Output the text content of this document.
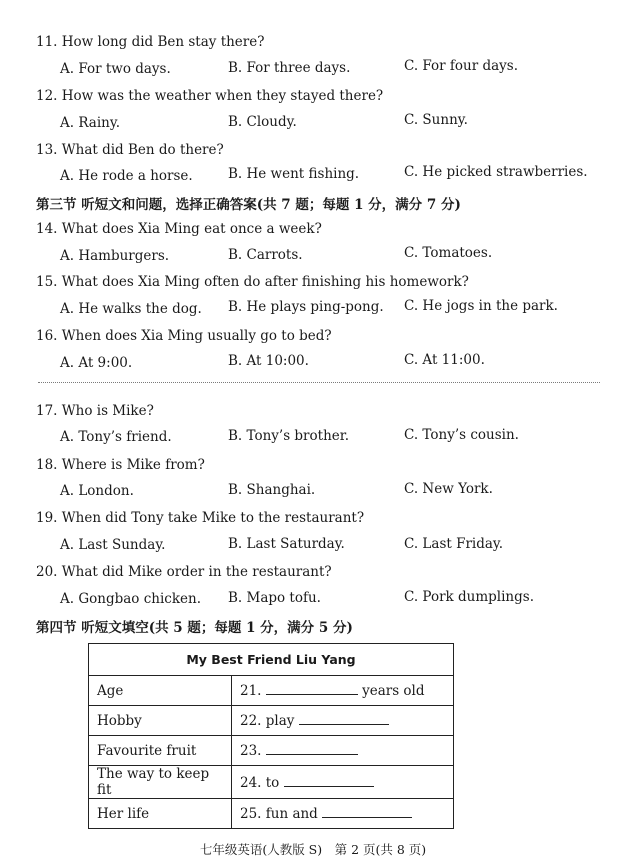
11. How long did Ben stay there?
A. For two days.	B. For three days.	C. For four days.
12. How was the weather when they stayed there?
A. Rainy.	B. Cloudy.	C. Sunny.
13. What did Ben do there?
A. He rode a horse.	B. He went fishing.	C. He picked strawberries.
第三节 听短文和问题，选择正确答案(共 7 题；每题 1 分，满分 7 分)
14. What does Xia Ming eat once a week?
A. Hamburgers.	B. Carrots.	C. Tomatoes.
15. What does Xia Ming often do after finishing his homework?
A. He walks the dog. B. He plays ping-pong. C. He jogs in the park.
16. When does Xia Ming usually go to bed?
A. At 9:00.	B. At 10:00.	C. At 11:00.
17. Who is Mike?
A. Tony’s friend.	B. Tony’s brother.	C. Tony’s cousin.
18. Where is Mike from?
A. London.	B. Shanghai.	C. New York.
19. When did Tony take Mike to the restaurant?
A. Last Sunday.	B. Last Saturday.	C. Last Friday.
20. What did Mike order in the restaurant?
A. Gongbao chicken. B. Mapo tofu.	C. Pork dumplings.
第四节 听短文填空(共 5 题；每题 1 分，满分 5 分)
My Best Friend Liu Yang	
Age	21. years old
Hobby	22. play
Favourite fruit	23.
The way to keep fit	24. to
Her life	25. fun and
七年级英语(人教版 S)　第 2 页(共 8 页)
